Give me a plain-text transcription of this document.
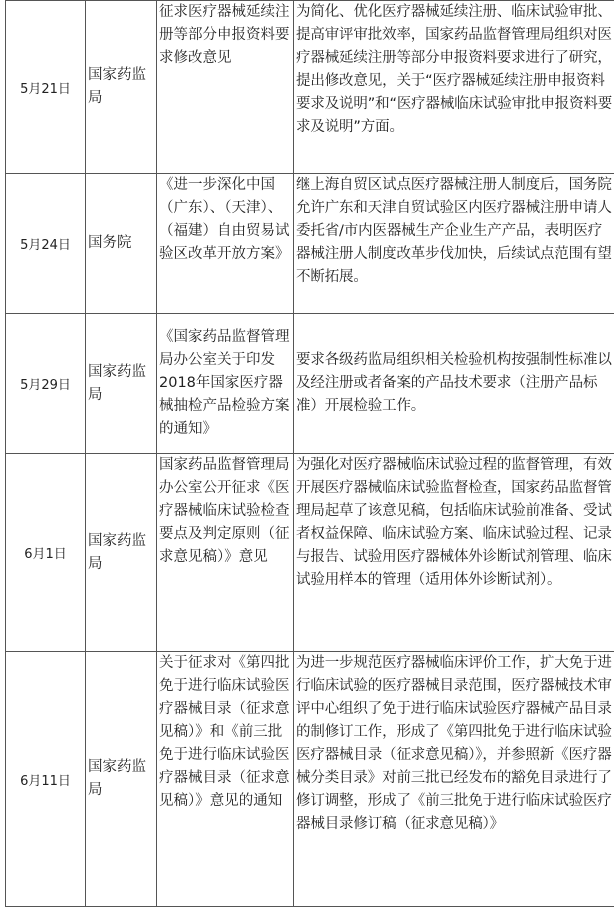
5月21日	国家药监局	征求医疗器械延续注册等部分申报资料要求修改意见	为简化、优化医疗器械延续注册、临床试验审批、提高审评审批效率，国家药品监督管理局组织对医疗器械延续注册等部分申报资料要求进行了研究，提出修改意见，关于“医疗器械延续注册申报资料要求及说明”和“医疗器械临床试验审批申报资料要求及说明”方面。
5月24日	国务院	《进一步深化中国（广东）、（天津）、（福建）自由贸易试验区改革开放方案》	继上海自贸区试点医疗器械注册人制度后，国务院允许广东和天津自贸试验区内医疗器械注册申请人委托省/市内医器械生产企业生产产品，表明医疗器械注册人制度改革步伐加快，后续试点范围有望不断拓展。
5月29日	国家药监局	《国家药品监督管理局办公室关于印发2018年国家医疗器械抽检产品检验方案的通知》	要求各级药监局组织相关检验机构按强制性标准以及经注册或者备案的产品技术要求（注册产品标准）开展检验工作。
6月1日	国家药监局	国家药品监督管理局办公室公开征求《医疗器械临床试验检查要点及判定原则（征求意见稿）》意见	为强化对医疗器械临床试验过程的监督管理，有效开展医疗器械临床试验监督检查，国家药品监督管理局起草了该意见稿，包括临床试验前准备、受试者权益保障、临床试验方案、临床试验过程、记录与报告、试验用医疗器械体外诊断试剂管理、临床试验用样本的管理（适用体外诊断试剂）。
6月11日	国家药监局	关于征求对《第四批免于进行临床试验医疗器械目录（征求意见稿）》和《前三批免于进行临床试验医疗器械目录（征求意见稿）》意见的通知	为进一步规范医疗器械临床评价工作，扩大免于进行临床试验的医疗器械目录范围，医疗器械技术审评中心组织了免于进行临床试验医疗器械产品目录的制修订工作，形成了《第四批免于进行临床试验医疗器械目录（征求意见稿）》，并参照新《医疗器械分类目录》对前三批已经发布的豁免目录进行了修订调整，形成了《前三批免于进行临床试验医疗器械目录修订稿（征求意见稿）》
